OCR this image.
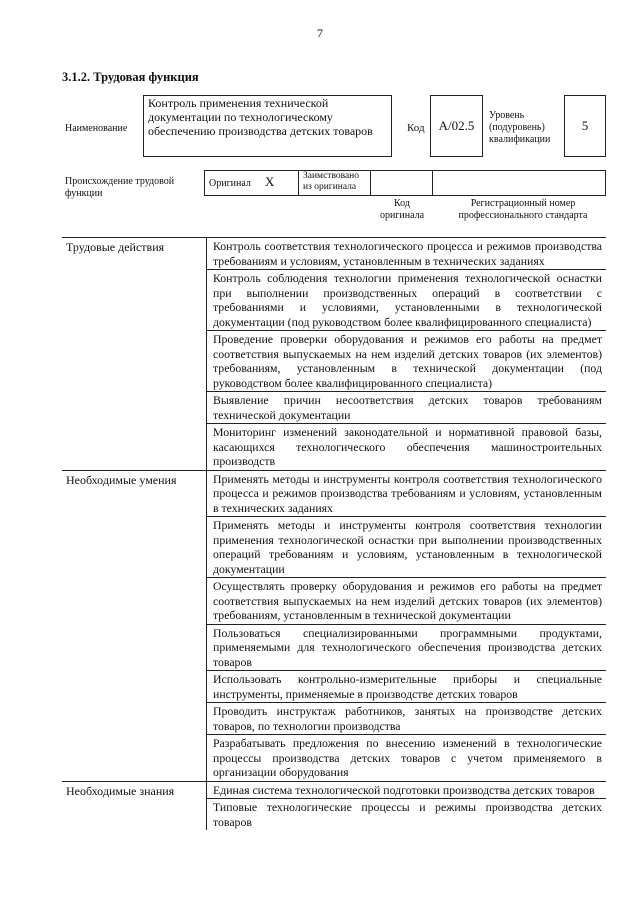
7
3.1.2. Трудовая функция
Наименование
Контроль применения технической документации по технологическому обеспечению производства детских товаров	Код	A/02.5
Уровень
(подуровень)
квалификации
5
Происхождение трудовой функции
Оригинал X	Заимствовано из оригинала
Код
оригинала
Регистрационный номер
профессионального стандарта
Трудовые действия	Контроль соответствия технологического процесса и режимов производства требованиям и условиям, установленным в технических заданиях
Контроль соблюдения технологии применения технологической оснастки при выполнении производственных операций в соответствии с требованиями и условиями, установленными в технологической документации (под руководством более квалифицированного специалиста)
Проведение проверки оборудования и режимов его работы на предмет соответствия выпускаемых на нем изделий детских товаров (их элементов) требованиям, установленным в технической документации (под руководством более квалифицированного специалиста)
Выявление причин несоответствия детских товаров требованиям технической документации
Мониторинг изменений законодательной и нормативной правовой базы, касающихся технологического обеспечения машиностроительных производств
Необходимые умения	Применять методы и инструменты контроля соответствия технологического процесса и режимов производства требованиям и условиям, установленным в технических заданиях
Применять методы и инструменты контроля соответствия технологии применения технологической оснастки при выполнении производственных операций требованиям и условиям, установленным в технологической документации
Осуществлять проверку оборудования и режимов его работы на предмет соответствия выпускаемых на нем изделий детских товаров (их элементов) требованиям, установленным в технической документации
Пользоваться специализированными программными продуктами, применяемыми для технологического обеспечения производства детских товаров
Использовать контрольно-измерительные приборы и специальные инструменты, применяемые в производстве детских товаров
Проводить инструктаж работников, занятых на производстве детских товаров, по технологии производства
Разрабатывать предложения по внесению изменений в технологические процессы производства детских товаров с учетом применяемого в организации оборудования
Необходимые знания	Единая система технологической подготовки производства детских товаров
Типовые технологические процессы и режимы производства детских товаров
